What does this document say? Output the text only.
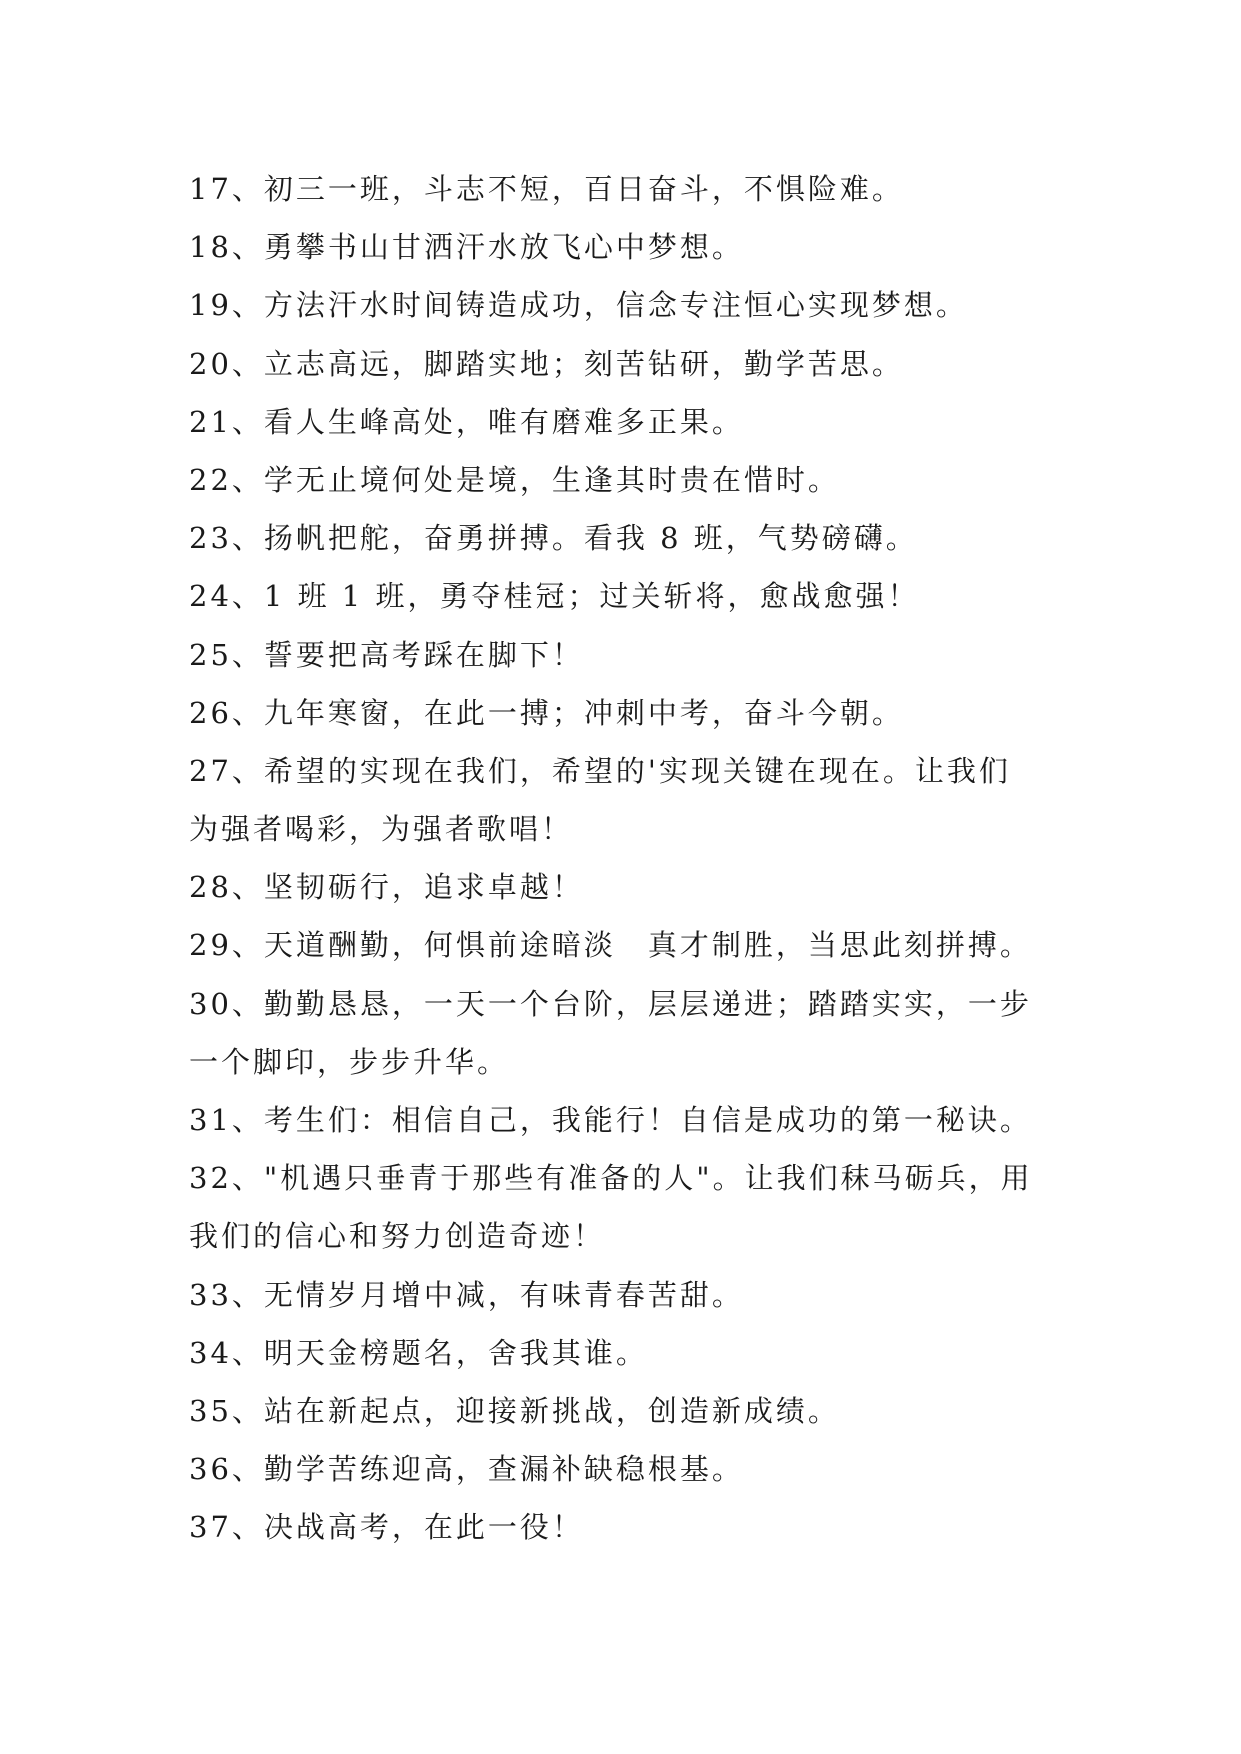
17、初三一班，斗志不短，百日奋斗，不惧险难。
18、勇攀书山甘洒汗水放飞心中梦想。
19、方法汗水时间铸造成功，信念专注恒心实现梦想。
20、立志高远，脚踏实地；刻苦钻研，勤学苦思。
21、看人生峰高处，唯有磨难多正果。
22、学无止境何处是境，生逢其时贵在惜时。
23、扬帆把舵，奋勇拼搏。看我 8 班，气势磅礴。
24、1 班 1 班，勇夺桂冠；过关斩将，愈战愈强！
25、誓要把高考踩在脚下！
26、九年寒窗，在此一搏；冲刺中考，奋斗今朝。
27、希望的实现在我们，希望的'实现关键在现在。让我们
为强者喝彩，为强者歌唱！
28、坚韧砺行，追求卓越！
29、天道酬勤，何惧前途暗淡　真才制胜，当思此刻拼搏。
30、勤勤恳恳，一天一个台阶，层层递进；踏踏实实，一步
一个脚印，步步升华。
31、考生们：相信自己，我能行！自信是成功的第一秘诀。
32、"机遇只垂青于那些有准备的人"。让我们秣马砺兵，用
我们的信心和努力创造奇迹！
33、无情岁月增中减，有味青春苦甜。
34、明天金榜题名，舍我其谁。
35、站在新起点，迎接新挑战，创造新成绩。
36、勤学苦练迎高，查漏补缺稳根基。
37、决战高考，在此一役！
